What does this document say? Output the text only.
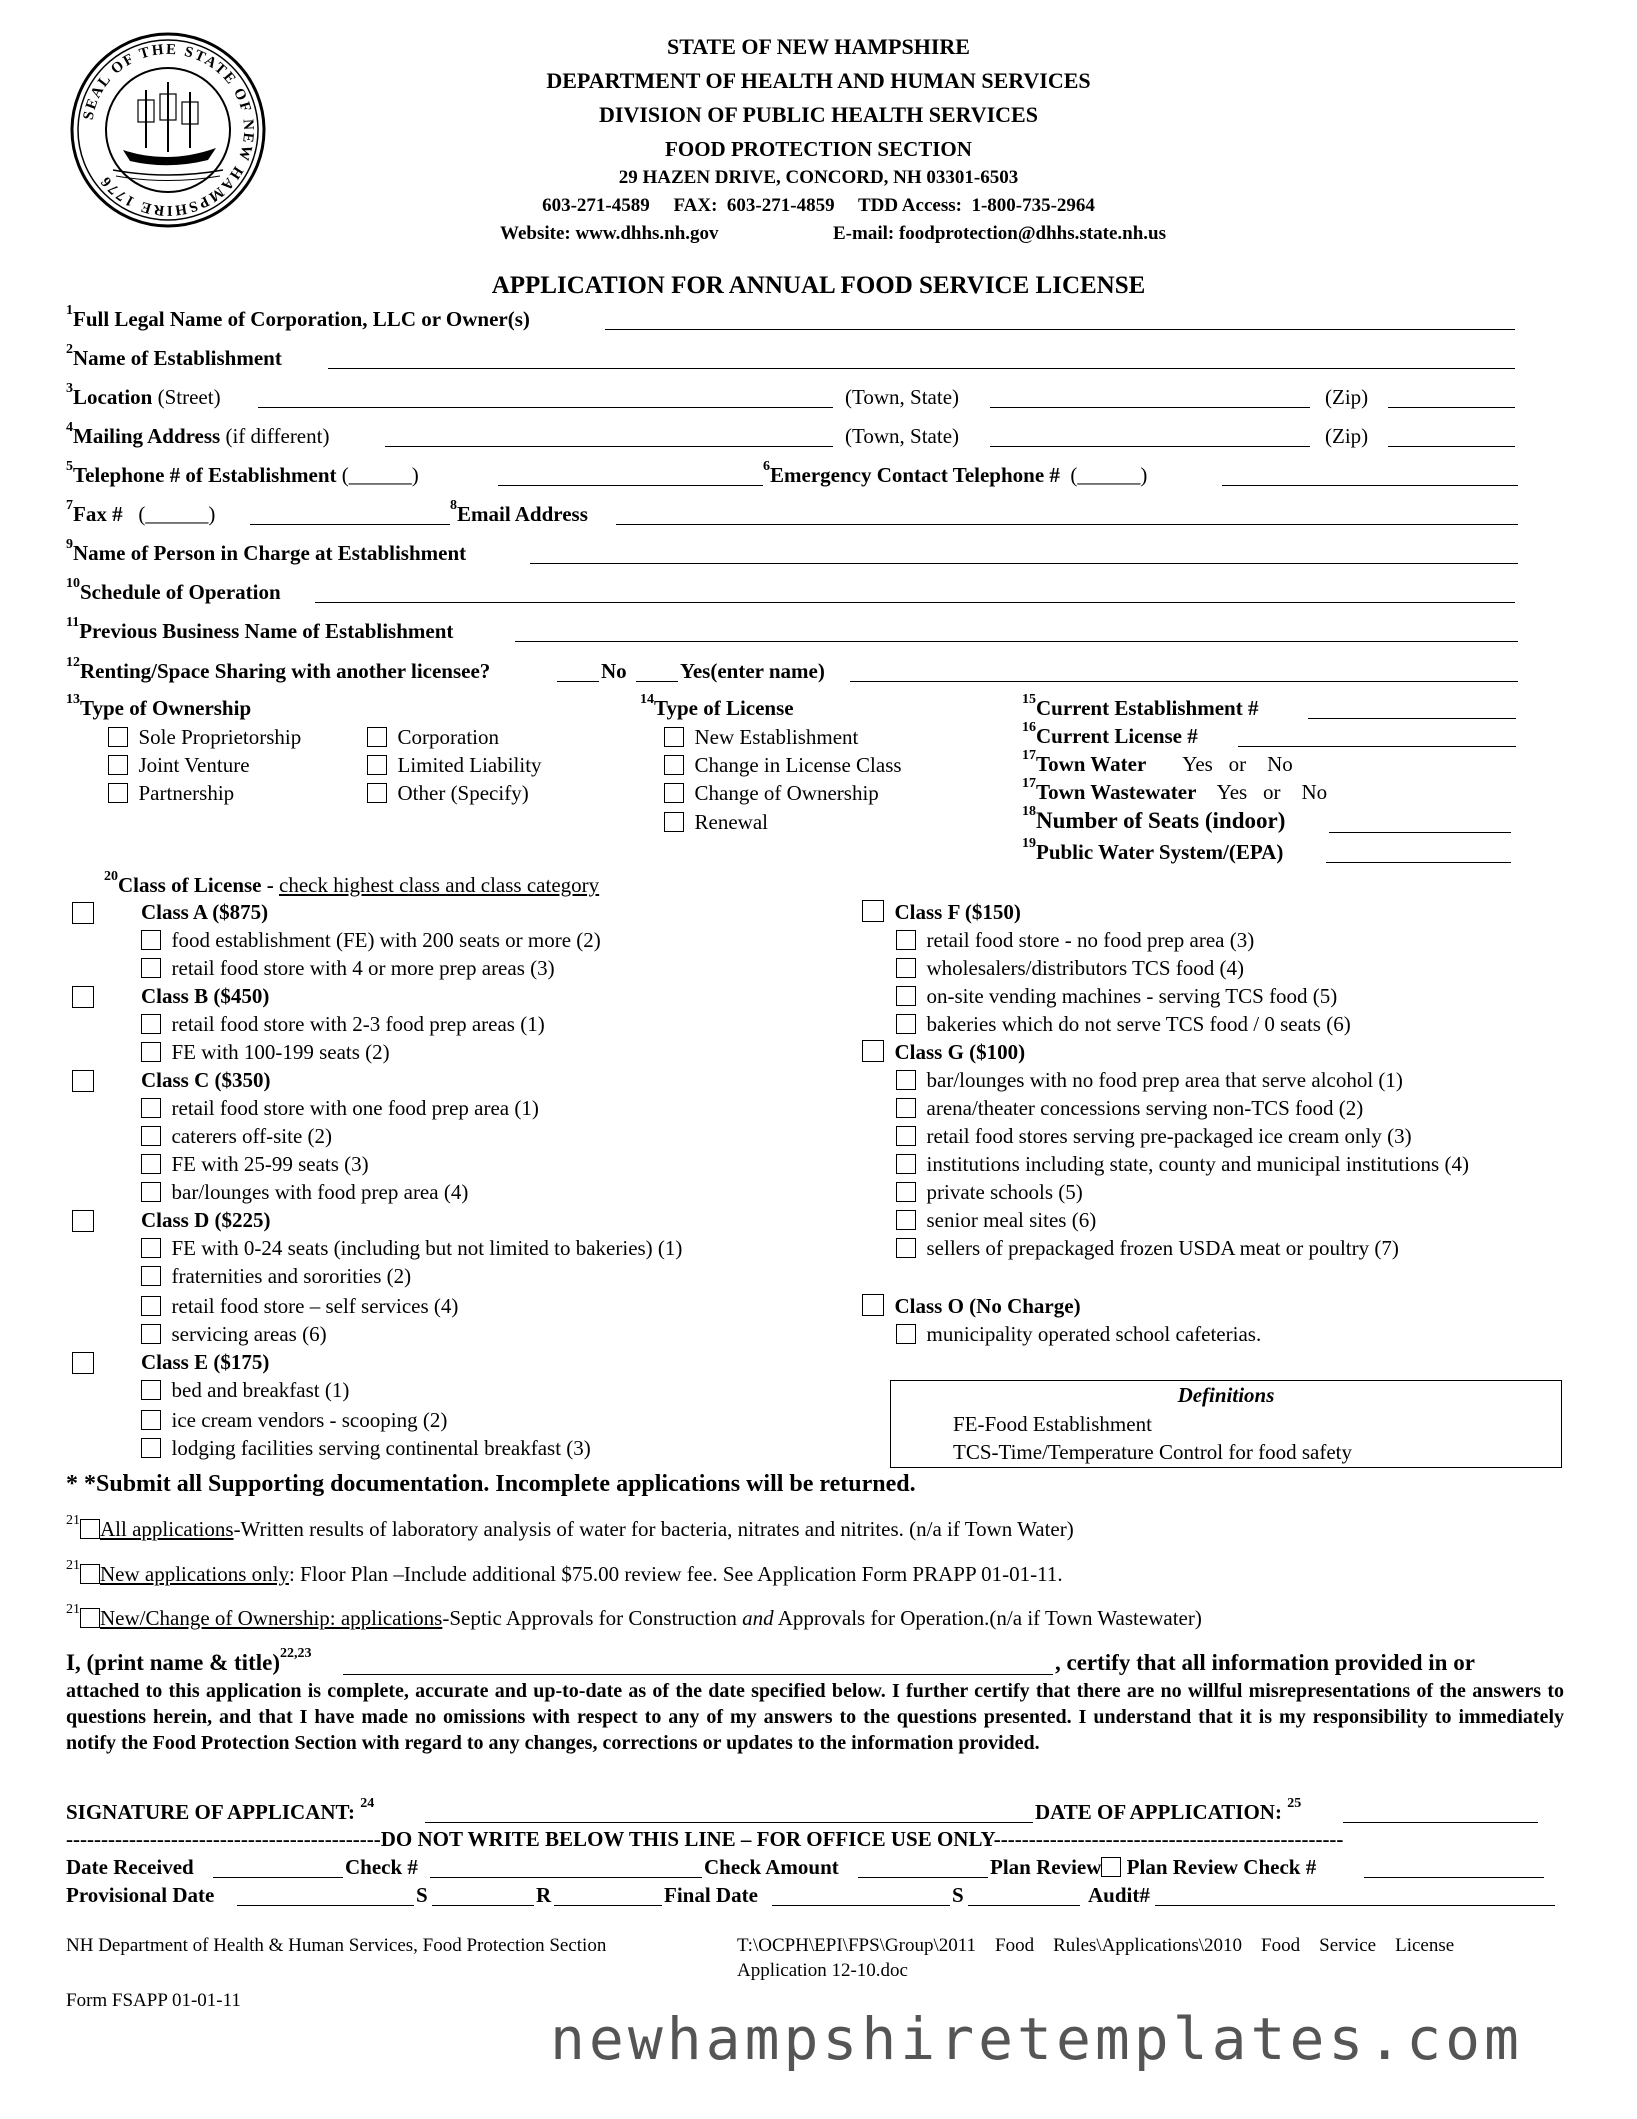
SEAL OF THE STATE OF NEW HAMPSHIRE 1776
STATE OF NEW HAMPSHIRE
DEPARTMENT OF HEALTH AND HUMAN SERVICES
DIVISION OF PUBLIC HEALTH SERVICES
FOOD PROTECTION SECTION
29 HAZEN DRIVE, CONCORD, NH 03301-6503
603-271-4589     FAX:  603-271-4859     TDD Access:  1-800-735-2964
Website: www.dhhs.nh.gov	E-mail: foodprotection@dhhs.state.nh.us
APPLICATION FOR ANNUAL FOOD SERVICE LICENSE
$^1$Full Legal Name of Corporation, LLC or Owner(s)
$^2$Name of Establishment
$^3$Location (Street)	(Town, State)	(Zip)
$^4$Mailing Address (if different)	(Town, State)	(Zip)
$^5$Telephone # of Establishment (______)	$^6$Emergency Contact Telephone # (______)
$^7$Fax # (______)	$^8$Email Address
$^9$Name of Person in Charge at Establishment
$^{10}$Schedule of Operation
$^{11}$Previous Business Name of Establishment
$^{12}$Renting/Space Sharing with another licensee?	No	Yes(enter name)
$^{13}$Type of Ownership
Sole Proprietorship
Joint Venture
Partnership
Corporation
Limited Liability
Other (Specify)
$^{14}$Type of License
New Establishment
Change in License Class
Change of Ownership
Renewal
$^{15}$Current Establishment #
$^{16}$Current License #
$^{17}$Town Water Yes or No
$^{17}$Town Wastewater Yes or No
$^{18}$Number of Seats (indoor)
$^{19}$Public Water System/(EPA)
$^{20}$Class of License - check highest class and class category
Class A ($875)
food establishment (FE) with 200 seats or more (2)
retail food store with 4 or more prep areas (3)
Class B ($450)
retail food store with 2-3 food prep areas (1)
FE with 100-199 seats (2)
Class C ($350)
retail food store with one food prep area (1)
caterers off-site (2)
FE with 25-99 seats (3)
bar/lounges with food prep area (4)
Class D ($225)
FE with 0-24 seats (including but not limited to bakeries) (1)
fraternities and sororities (2)
retail food store – self services (4)
servicing areas (6)
Class E ($175)
bed and breakfast (1)
ice cream vendors - scooping (2)
lodging facilities serving continental breakfast (3)
Class F ($150)
retail food store - no food prep area (3)
wholesalers/distributors TCS food (4)
on-site vending machines - serving TCS food (5)
bakeries which do not serve TCS food / 0 seats (6)
Class G ($100)
bar/lounges with no food prep area that serve alcohol (1)
arena/theater concessions serving non-TCS food (2)
retail food stores serving pre-packaged ice cream only (3)
institutions including state, county and municipal institutions (4)
private schools (5)
senior meal sites (6)
sellers of prepackaged frozen USDA meat or poultry (7)
Class O (No Charge)
municipality operated school cafeterias.
Definitions
FE-Food Establishment
TCS-Time/Temperature Control for food safety
* *Submit all Supporting documentation. Incomplete applications will be returned.
$^{21}$ All applications-Written results of laboratory analysis of water for bacteria, nitrates and nitrites. (n/a if Town Water)
$^{21}$ New applications only: Floor Plan –Include additional $75.00 review fee. See Application Form PRAPP 01-01-11.
$^{21}$ New/Change of Ownership: applications-Septic Approvals for Construction and Approvals for Operation.(n/a if Town Wastewater)
I, (print name & title)$^{22,23}$	, certify that all information provided in or
attached to this application is complete, accurate and up-to-date as of the date specified below. I further certify that there are no willful misrepresentations of the answers to questions herein, and that I have made no omissions with respect to any of my answers to the questions presented. I understand that it is my responsibility to immediately notify the Food Protection Section with regard to any changes, corrections or updates to the information provided.
SIGNATURE OF APPLICANT: $^{24}$	DATE OF APPLICATION: $^{25}$
---------------------------------------------DO NOT WRITE BELOW THIS LINE – FOR OFFICE USE ONLY--------------------------------------------------
Date Received	Check #	Check Amount	Plan Review Plan Review Check #
Provisional Date	S	R	Final Date	S	Audit#
NH Department of Health & Human Services, Food Protection Section	T:\OCPH\EPI\FPS\Group\2011    Food    Rules\Applications\2010    Food    Service    License
Application 12-10.doc
Form FSAPP 01-01-11
newhampshiretemplates.com
